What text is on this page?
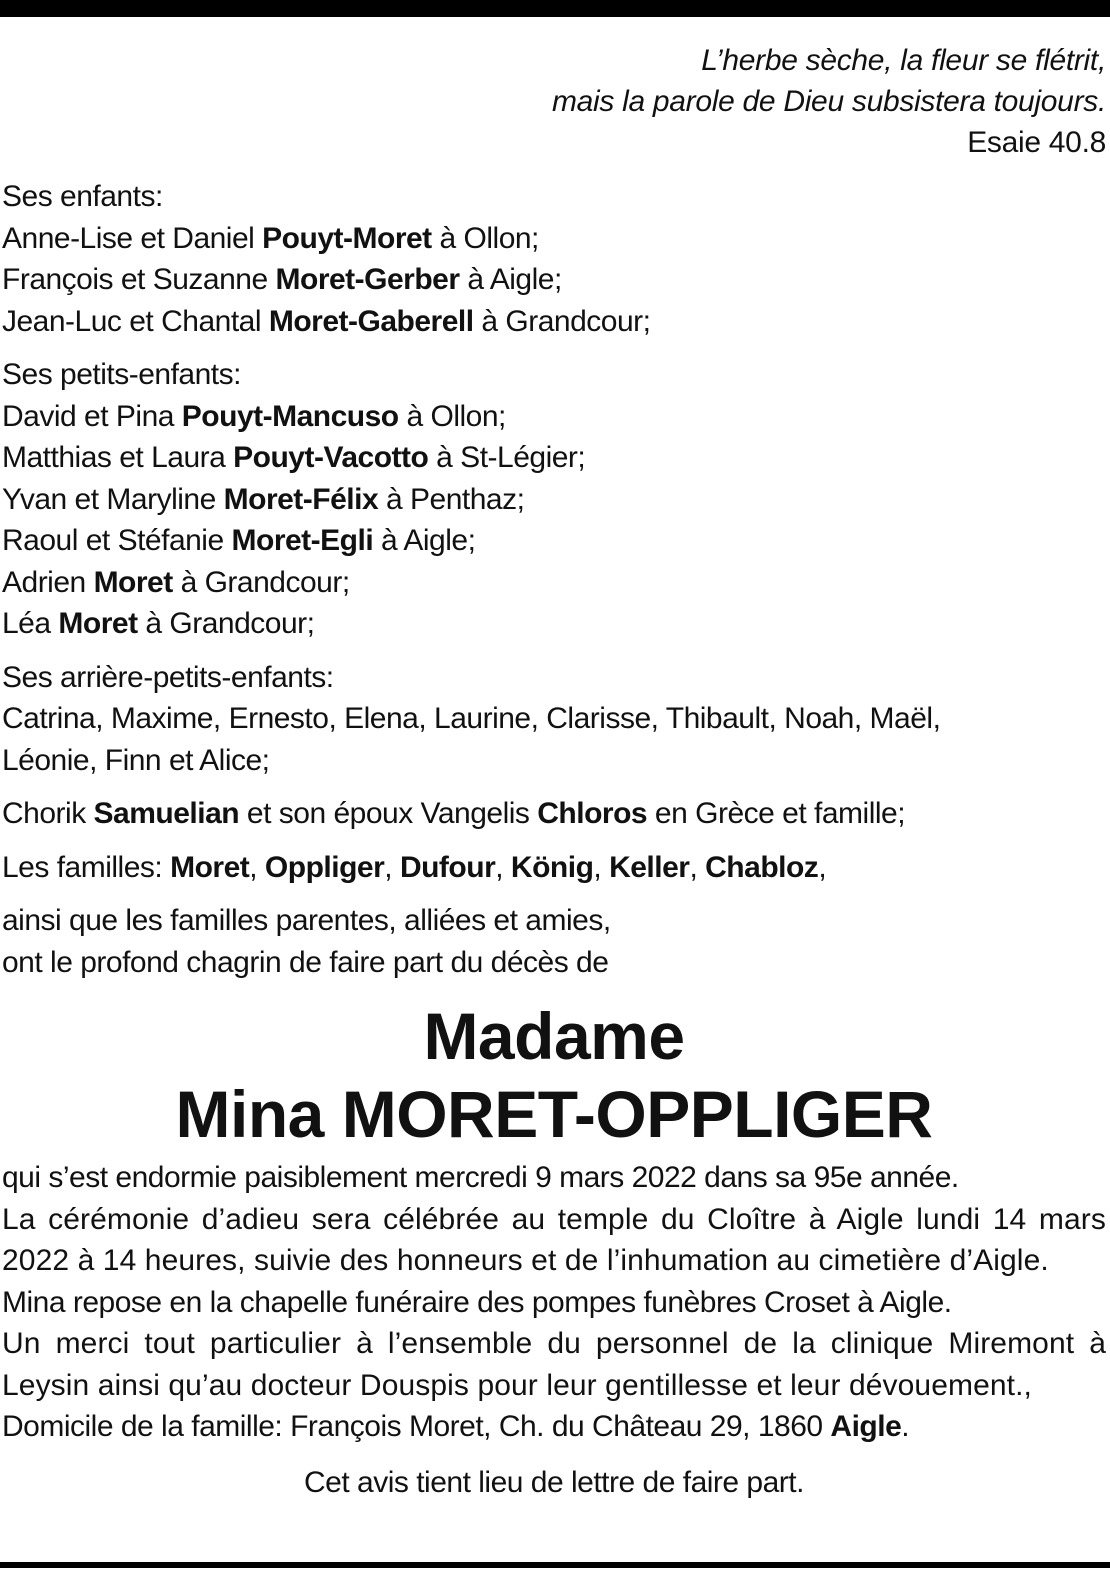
L’herbe sèche, la fleur se flétrit,
mais la parole de Dieu subsistera toujours.
Esaie 40.8
Ses enfants:
Anne-Lise et Daniel Pouyt-Moret à Ollon;
François et Suzanne Moret-Gerber à Aigle;
Jean-Luc et Chantal Moret-Gaberell à Grandcour;
Ses petits-enfants:
David et Pina Pouyt-Mancuso à Ollon;
Matthias et Laura Pouyt-Vacotto à St-Légier;
Yvan et Maryline Moret-Félix à Penthaz;
Raoul et Stéfanie Moret-Egli à Aigle;
Adrien Moret à Grandcour;
Léa Moret à Grandcour;
Ses arrière-petits-enfants:
Catrina, Maxime, Ernesto, Elena, Laurine, Clarisse, Thibault, Noah, Maël,
Léonie, Finn et Alice;
Chorik Samuelian et son époux Vangelis Chloros en Grèce et famille;
Les familles: Moret, Oppliger, Dufour, König, Keller, Chabloz,
ainsi que les familles parentes, alliées et amies,
ont le profond chagrin de faire part du décès de
Madame
Mina MORET-OPPLIGER
qui s’est endormie paisiblement mercredi 9 mars 2022 dans sa 95e année.
La cérémonie d’adieu sera célébrée au temple du Cloître à Aigle lundi 14 mars 2022 à 14 heures, suivie des honneurs et de l’inhumation au cimetière d’Aigle.
Mina repose en la chapelle funéraire des pompes funèbres Croset à Aigle.
Un merci tout particulier à l’ensemble du personnel de la clinique Miremont à Leysin ainsi qu’au docteur Douspis pour leur gentillesse et leur dévouement.,
Domicile de la famille: François Moret, Ch. du Château 29, 1860 Aigle.
Cet avis tient lieu de lettre de faire part.
